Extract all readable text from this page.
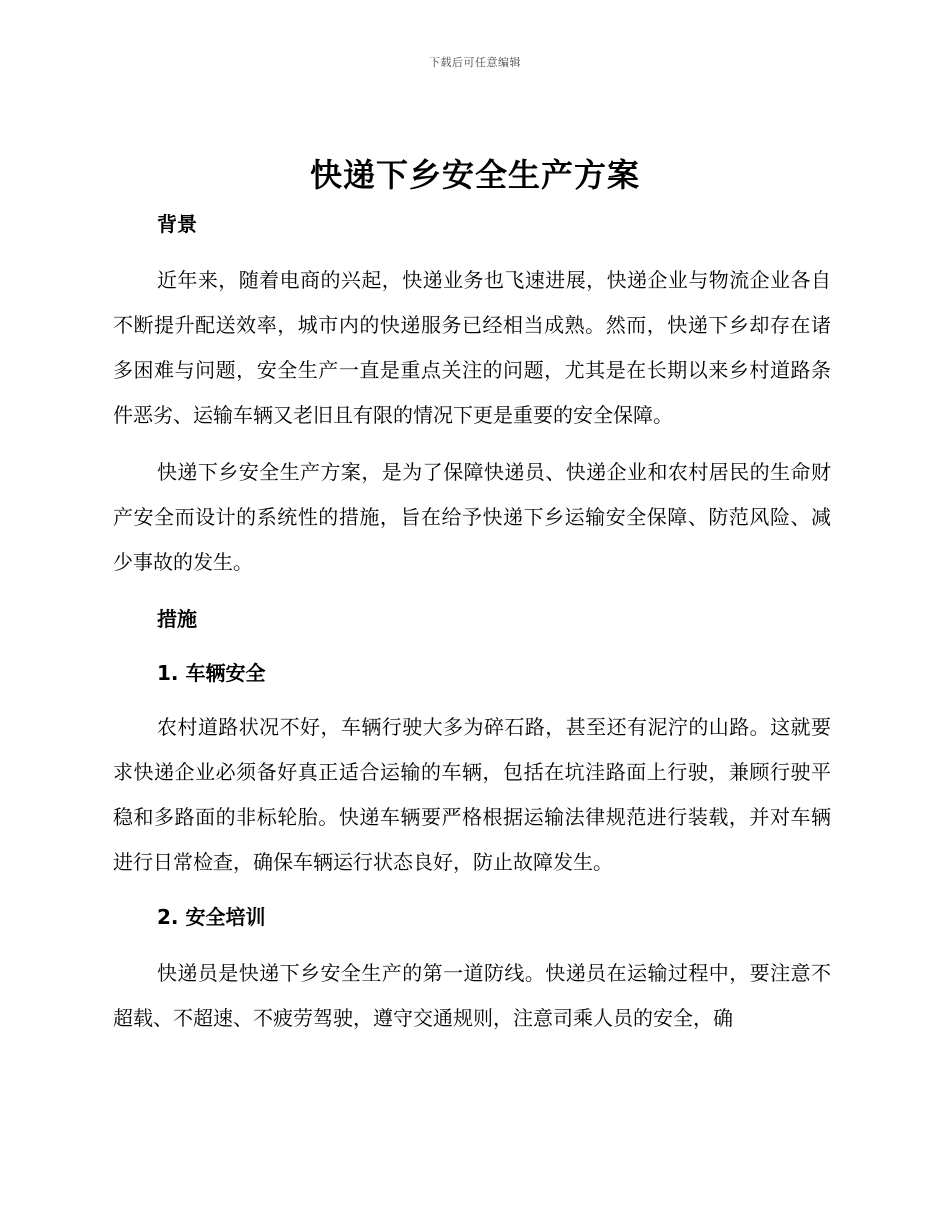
下载后可任意编辑
快递下乡安全生产方案

背景

近年来，随着电商的兴起，快递业务也飞速进展，快递企业与物流企业各自不断提升配送效率，城市内的快递服务已经相当成熟。然而，快递下乡却存在诸多困难与问题，安全生产一直是重点关注的问题，尤其是在长期以来乡村道路条件恶劣、运输车辆又老旧且有限的情况下更是重要的安全保障。

快递下乡安全生产方案，是为了保障快递员、快递企业和农村居民的生命财产安全而设计的系统性的措施，旨在给予快递下乡运输安全保障、防范风险、减少事故的发生。

措施

1. 车辆安全

农村道路状况不好，车辆行驶大多为碎石路，甚至还有泥泞的山路。这就要求快递企业必须备好真正适合运输的车辆，包括在坑洼路面上行驶，兼顾行驶平稳和多路面的非标轮胎。快递车辆要严格根据运输法律规范进行装载，并对车辆进行日常检查，确保车辆运行状态良好，防止故障发生。

2. 安全培训

快递员是快递下乡安全生产的第一道防线。快递员在运输过程中，要注意不超载、不超速、不疲劳驾驶，遵守交通规则，注意司乘人员的安全，确
